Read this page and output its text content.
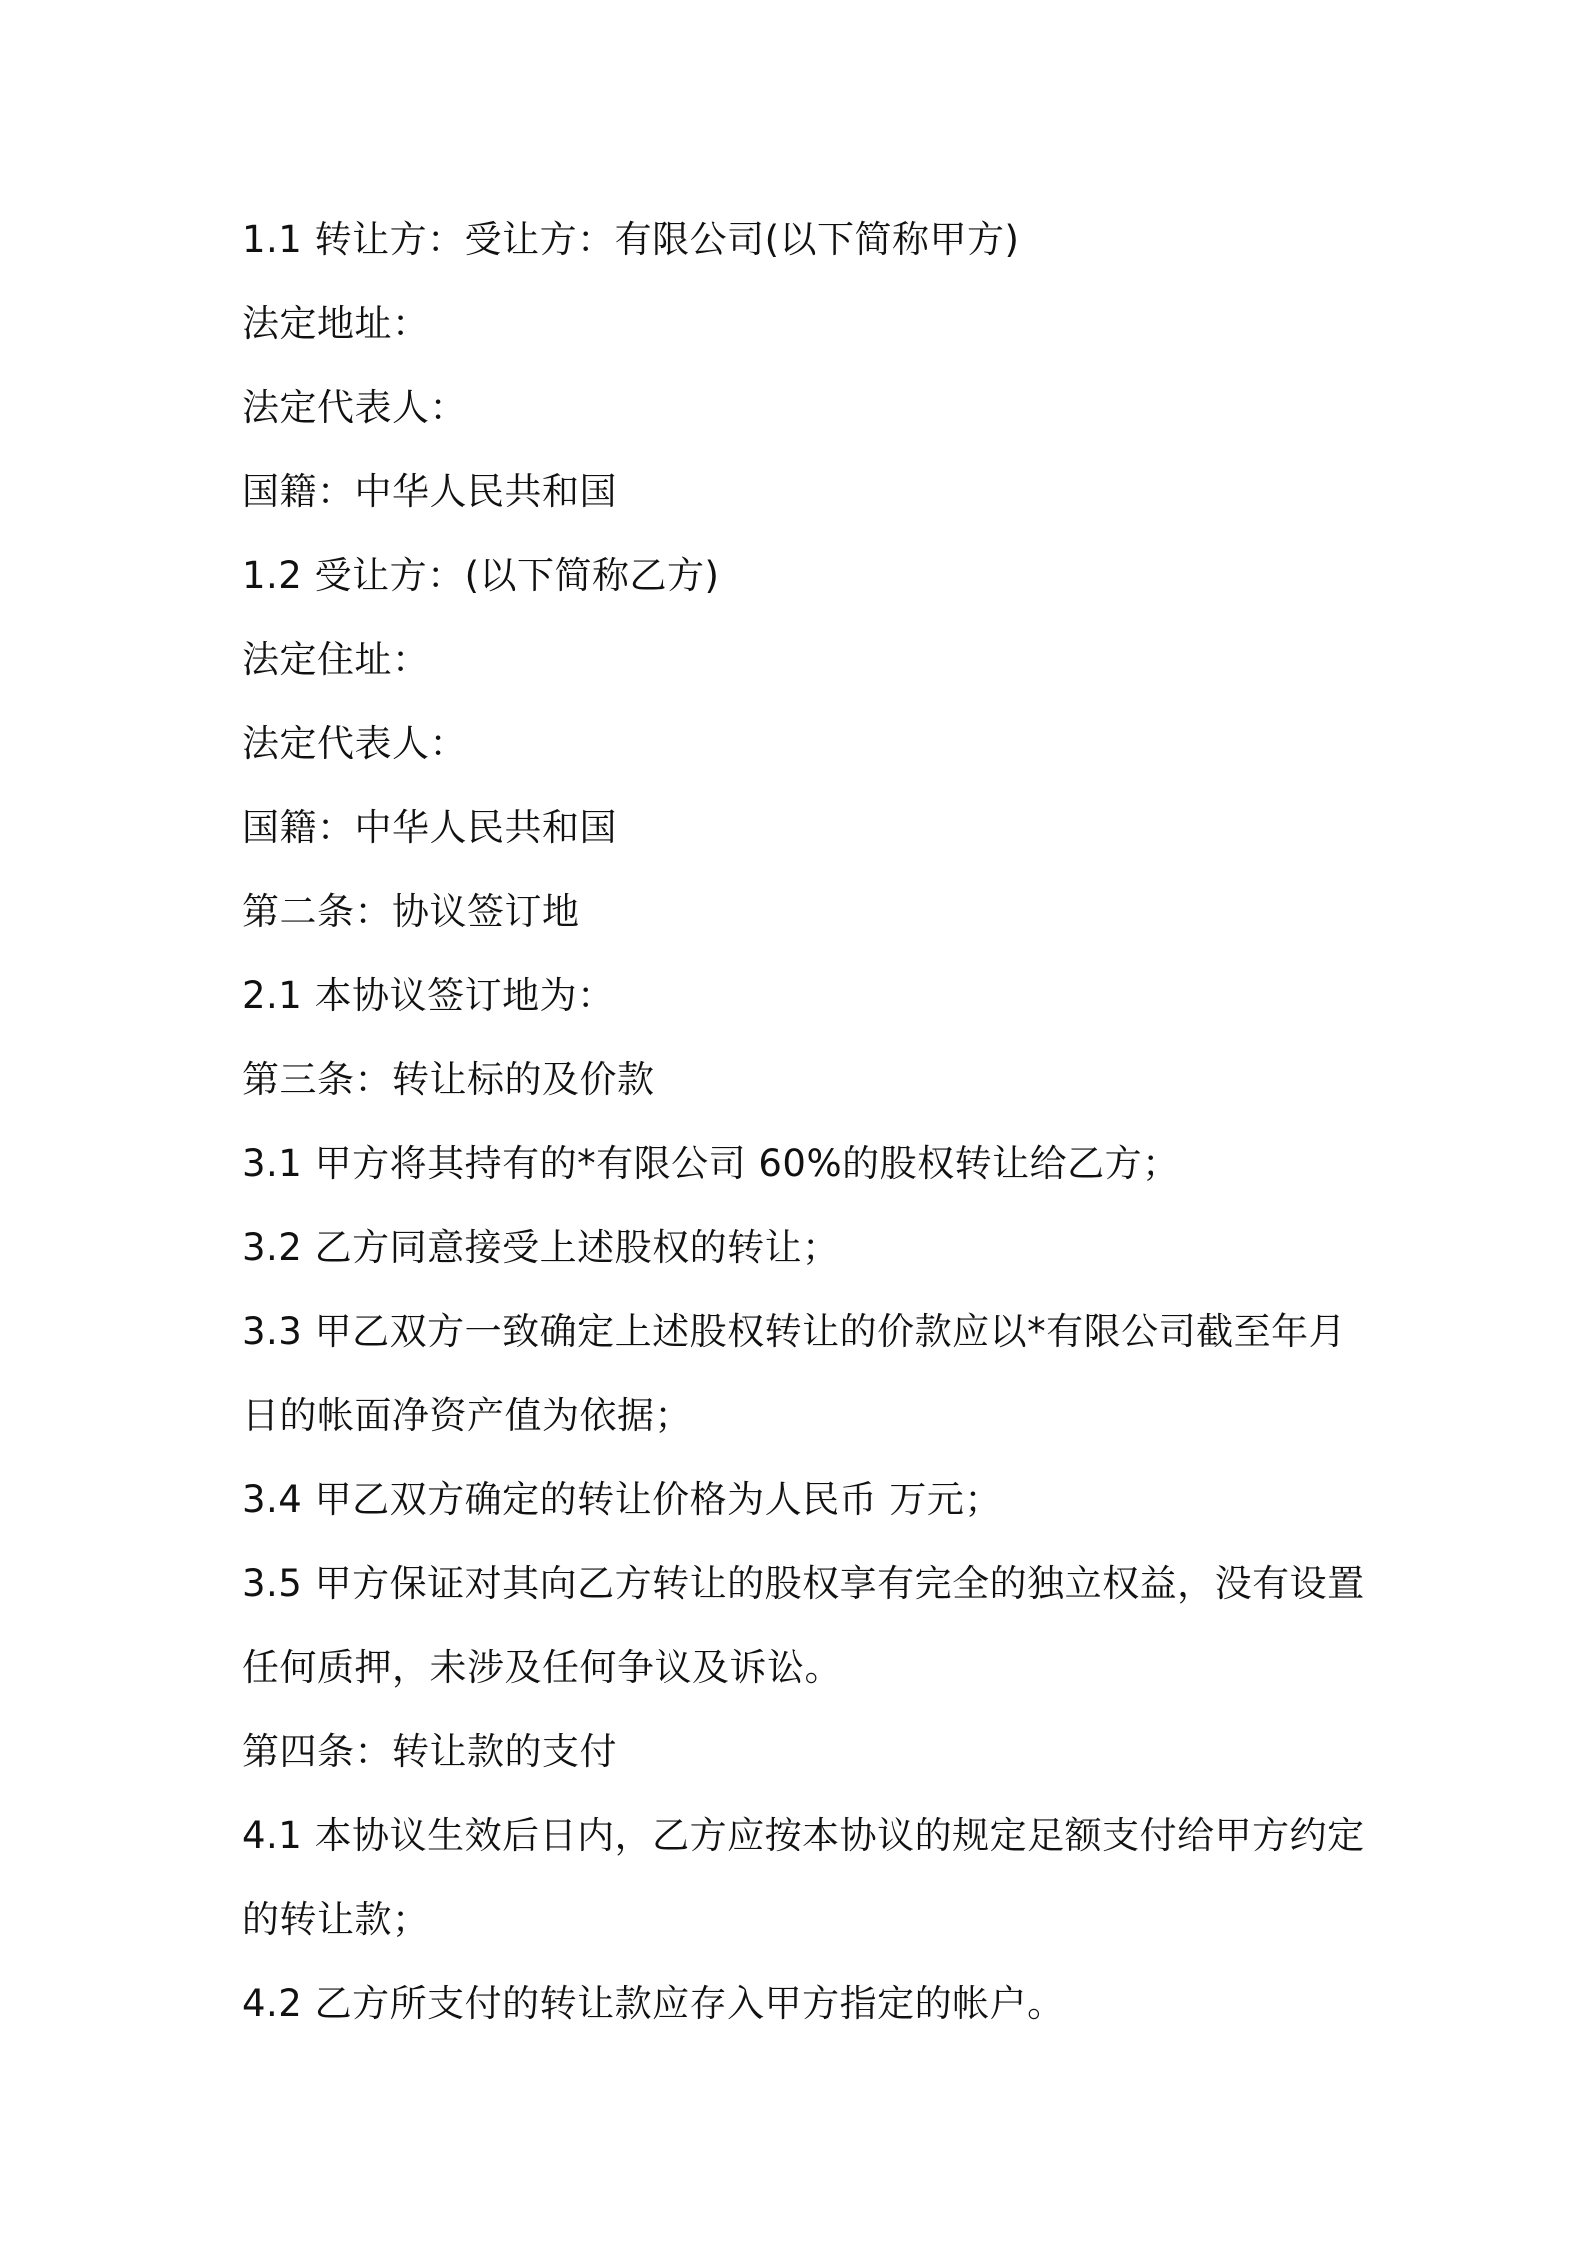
1.1 转让方：受让方：有限公司(以下简称甲方)
法定地址：
法定代表人：
国籍：中华人民共和国
1.2 受让方：(以下简称乙方)
法定住址：
法定代表人：
国籍：中华人民共和国
第二条：协议签订地
2.1 本协议签订地为：
第三条：转让标的及价款
3.1 甲方将其持有的*有限公司 60%的股权转让给乙方；
3.2 乙方同意接受上述股权的转让；
3.3 甲乙双方一致确定上述股权转让的价款应以*有限公司截至年月
日的帐面净资产值为依据；
3.4 甲乙双方确定的转让价格为人民币 万元；
3.5 甲方保证对其向乙方转让的股权享有完全的独立权益，没有设置
任何质押，未涉及任何争议及诉讼。
第四条：转让款的支付
4.1 本协议生效后日内，乙方应按本协议的规定足额支付给甲方约定
的转让款；
4.2 乙方所支付的转让款应存入甲方指定的帐户。
